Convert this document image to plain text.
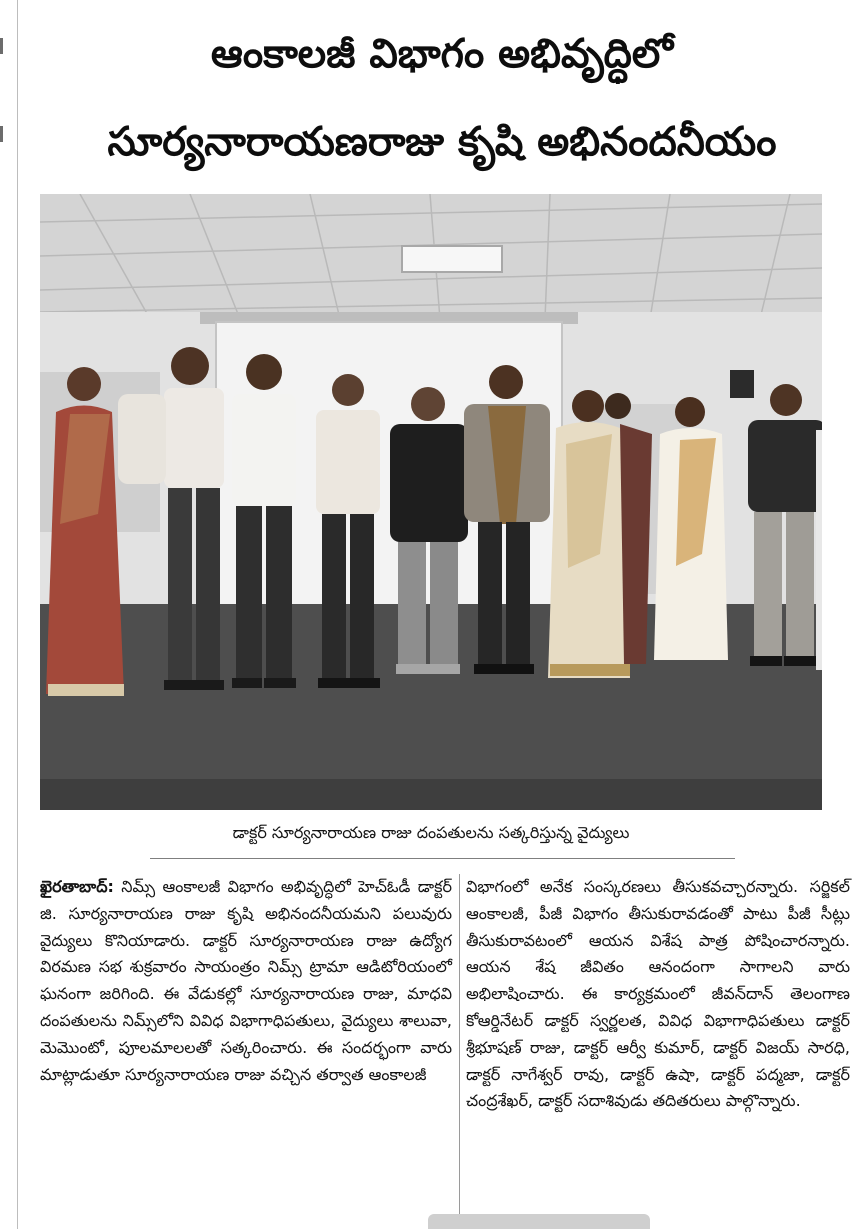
ఆంకాలజీ విభాగం అభివృద్ధిలో
సూర్యనారాయణరాజు కృషి అభినందనీయం
డాక్టర్ సూర్యనారాయణ రాజు దంపతులను సత్కరిస్తున్న వైద్యులు
ఖైరతాబాద్: నిమ్స్ ఆంకాలజీ విభాగం అభివృద్ధిలో హెచ్ఓడీ డాక్టర్ జి. సూర్యనారాయణ రాజు కృషి అభినందనీయమని పలువురు వైద్యులు కొనియాడారు. డాక్టర్ సూర్యనారాయణ రాజు ఉద్యోగ విరమణ సభ శుక్రవారం సాయంత్రం నిమ్స్ ట్రామా ఆడిటోరియంలో ఘనంగా జరిగింది. ఈ వేడుకల్లో సూర్యనారాయణ రాజు, మాధవి దంపతులను నిమ్స్‌లోని వివిధ విభాగాధిపతులు, వైద్యులు శాలువా, మెమొంటో, పూలమాలలతో సత్కరించారు. ఈ సందర్భంగా వారు మాట్లాడుతూ సూర్యనారాయణ రాజు వచ్చిన తర్వాత ఆంకాలజీ
విభాగంలో అనేక సంస్కరణలు తీసుకవచ్చారన్నారు. సర్జికల్ ఆంకాలజీ, పీజీ విభాగం తీసుకురావడంతో పాటు పీజీ సీట్లు తీసుకురావటంలో ఆయన విశేష పాత్ర పోషించారన్నారు. ఆయన శేష జీవితం ఆనందంగా సాగాలని వారు అభిలాషించారు. ఈ కార్యక్రమంలో జీవన్‌దాన్ తెలంగాణ కోఆర్డినేటర్ డాక్టర్ స్వర్ణలత, వివిధ విభాగాధిపతులు డాక్టర్ శ్రీభూషణ్ రాజు, డాక్టర్ ఆర్వీ కుమార్, డాక్టర్ విజయ్ సారధి, డాక్టర్ నాగేశ్వర్ రావు, డాక్టర్ ఉషా, డాక్టర్ పద్మజా, డాక్టర్ చంద్రశేఖర్, డాక్టర్ సదాశివుడు తదితరులు పాల్గొన్నారు.
